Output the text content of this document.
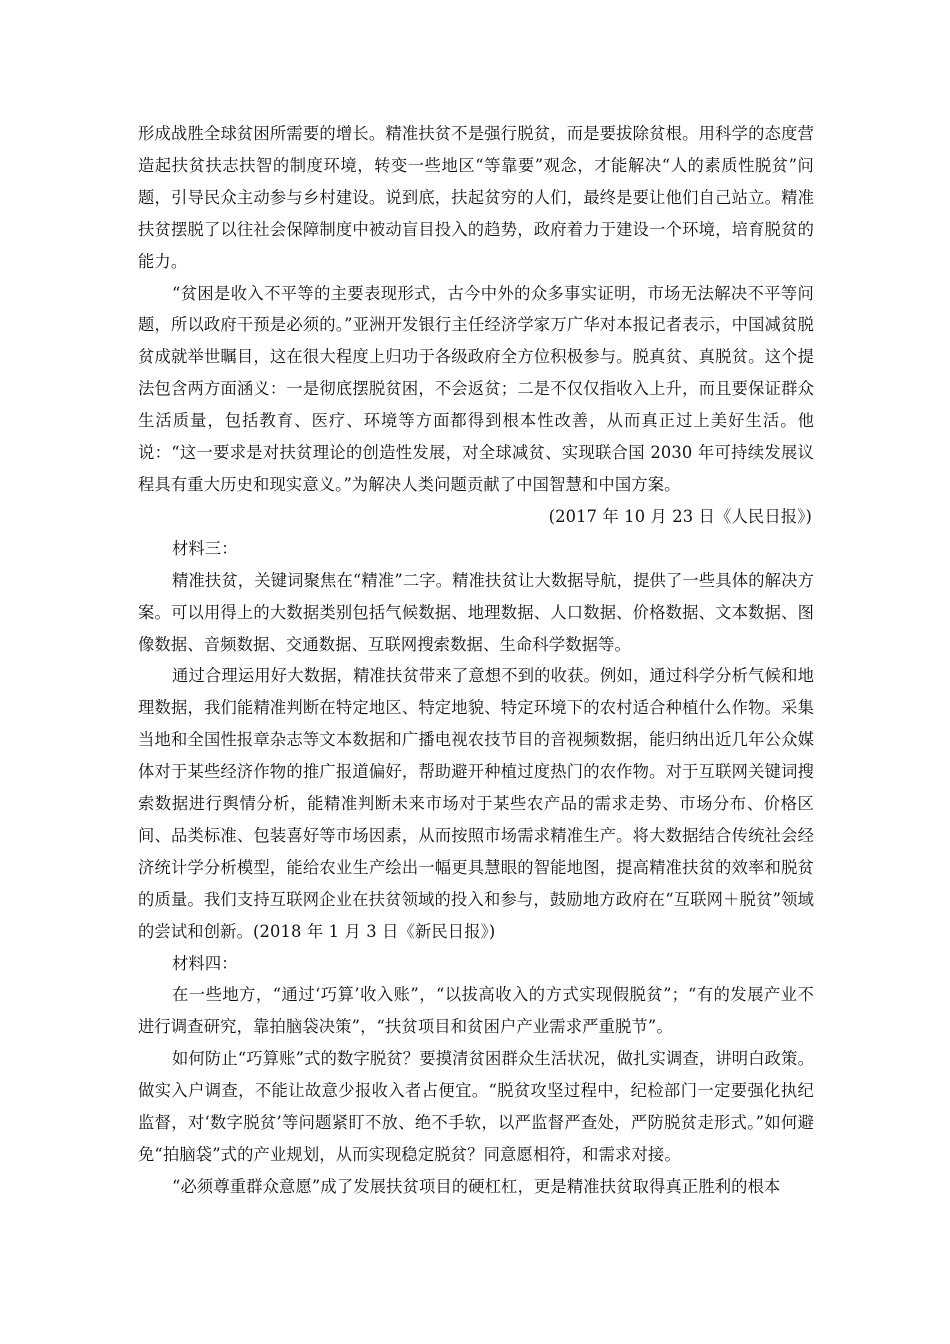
形成战胜全球贫困所需要的增长。精准扶贫不是强行脱贫，而是要拔除贫根。用科学的态度营造起扶贫扶志扶智的制度环境，转变一些地区“等靠要”观念，才能解决“人的素质性脱贫”问题，引导民众主动参与乡村建设。说到底，扶起贫穷的人们，最终是要让他们自己站立。精准扶贫摆脱了以往社会保障制度中被动盲目投入的趋势，政府着力于建设一个环境，培育脱贫的能力。

“贫困是收入不平等的主要表现形式，古今中外的众多事实证明，市场无法解决不平等问题，所以政府干预是必须的。”亚洲开发银行主任经济学家万广华对本报记者表示，中国减贫脱贫成就举世瞩目，这在很大程度上归功于各级政府全方位积极参与。脱真贫、真脱贫。这个提法包含两方面涵义：一是彻底摆脱贫困，不会返贫；二是不仅仅指收入上升，而且要保证群众生活质量，包括教育、医疗、环境等方面都得到根本性改善，从而真正过上美好生活。他说：“这一要求是对扶贫理论的创造性发展，对全球减贫、实现联合国 2030 年可持续发展议程具有重大历史和现实意义。”为解决人类问题贡献了中国智慧和中国方案。

(2017 年 10 月 23 日《人民日报》)

材料三：

精准扶贫，关键词聚焦在“精准”二字。精准扶贫让大数据导航，提供了一些具体的解决方案。可以用得上的大数据类别包括气候数据、地理数据、人口数据、价格数据、文本数据、图像数据、音频数据、交通数据、互联网搜索数据、生命科学数据等。

通过合理运用好大数据，精准扶贫带来了意想不到的收获。例如，通过科学分析气候和地理数据，我们能精准判断在特定地区、特定地貌、特定环境下的农村适合种植什么作物。采集当地和全国性报章杂志等文本数据和广播电视农技节目的音视频数据，能归纳出近几年公众媒体对于某些经济作物的推广报道偏好，帮助避开种植过度热门的农作物。对于互联网关键词搜索数据进行舆情分析，能精准判断未来市场对于某些农产品的需求走势、市场分布、价格区间、品类标准、包装喜好等市场因素，从而按照市场需求精准生产。将大数据结合传统社会经济统计学分析模型，能给农业生产绘出一幅更具慧眼的智能地图，提高精准扶贫的效率和脱贫的质量。我们支持互联网企业在扶贫领域的投入和参与，鼓励地方政府在“互联网＋脱贫”领域的尝试和创新。(2018 年 1 月 3 日《新民日报》)

材料四：

在一些地方，“通过‘巧算’收入账”，“以拔高收入的方式实现假脱贫”；“有的发展产业不进行调查研究，靠拍脑袋决策”，“扶贫项目和贫困户产业需求严重脱节”。

如何防止“巧算账”式的数字脱贫？要摸清贫困群众生活状况，做扎实调查，讲明白政策。做实入户调查，不能让故意少报收入者占便宜。“脱贫攻坚过程中，纪检部门一定要强化执纪监督，对‘数字脱贫’等问题紧盯不放、绝不手软，以严监督严查处，严防脱贫走形式。”如何避免“拍脑袋”式的产业规划，从而实现稳定脱贫？同意愿相符，和需求对接。

“必须尊重群众意愿”成了发展扶贫项目的硬杠杠，更是精准扶贫取得真正胜利的根本
